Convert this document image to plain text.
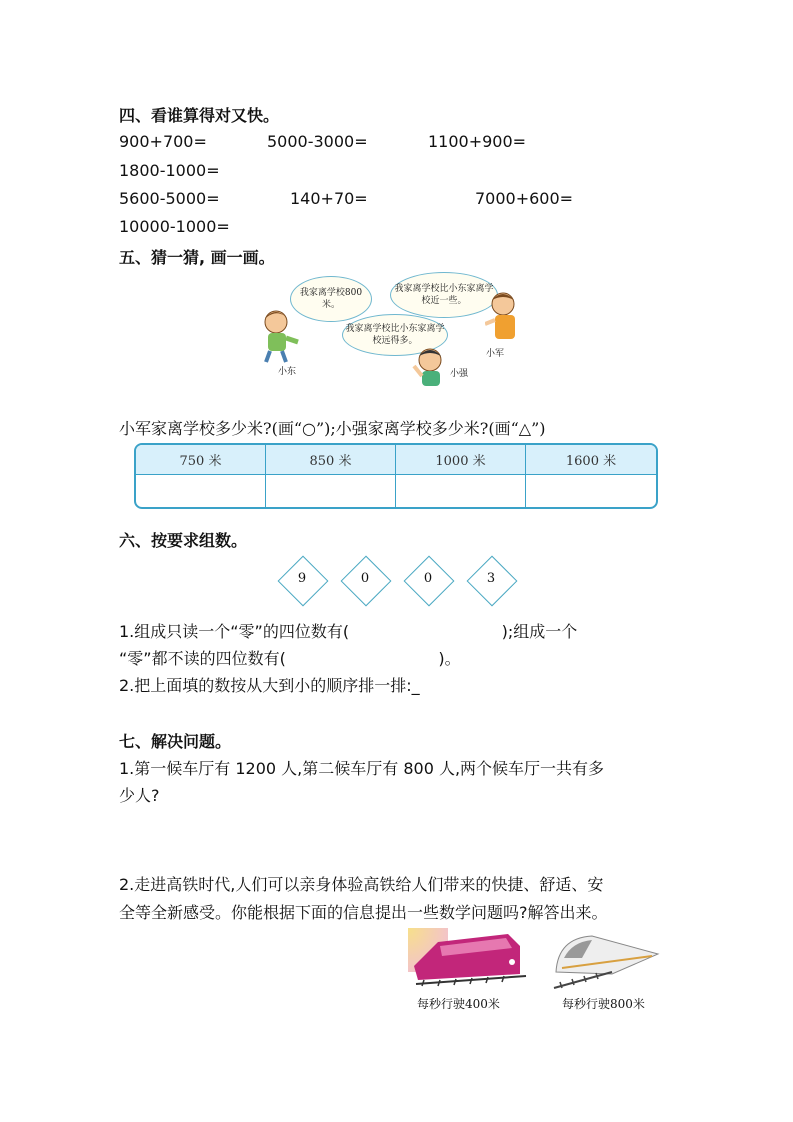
四、看谁算得对又快。
900+700=	5000-3000=	1100+900=
1800-1000=
5600-5000=	140+70=	7000+600=
10000-1000=
五、猜一猜, 画一画。
我家离学校800米。
我家离学校比小东家离学校近一些。
我家离学校比小东家离学校远得多。
小东
小军
小强
小军家离学校多少米?(画“○”);小强家离学校多少米?(画“△”)
750 米	850 米	1000 米	1600 米
六、按要求组数。
9	0	0	3
1.组成只读一个“零”的四位数有(                              );组成一个
“零”都不读的四位数有(                              )。
2.把上面填的数按从大到小的顺序排一排:_
七、解决问题。
1.第一候车厅有 1200 人,第二候车厅有 800 人,两个候车厅一共有多
少人?
2.走进高铁时代,人们可以亲身体验高铁给人们带来的快捷、舒适、安
全等全新感受。你能根据下面的信息提出一些数学问题吗?解答出来。
每秒行驶400米	每秒行驶800米
